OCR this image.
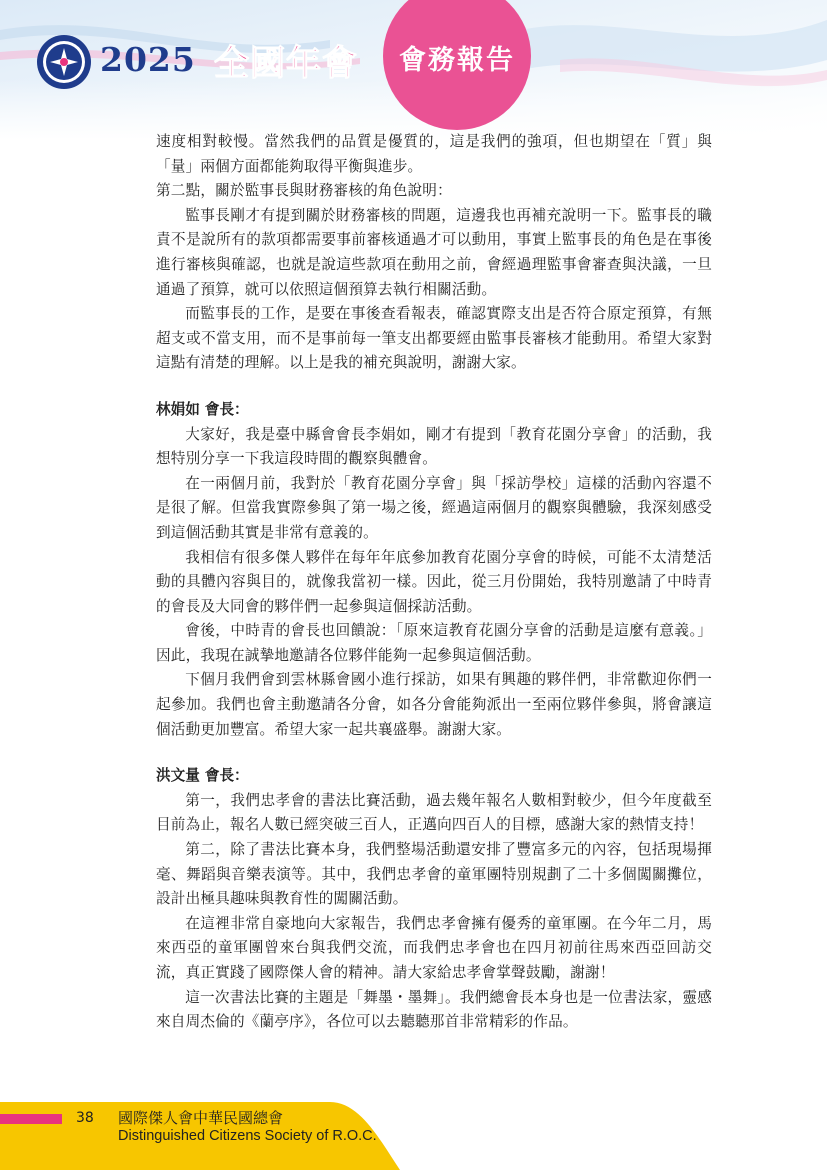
2025 全國年會	會務報告

速度相對較慢。當然我們的品質是優質的，這是我們的強項，但也期望在「質」與「量」兩個方面都能夠取得平衡與進步。

第二點，關於監事長與財務審核的角色說明：

監事長剛才有提到關於財務審核的問題，這邊我也再補充說明一下。監事長的職責不是說所有的款項都需要事前審核通過才可以動用，事實上監事長的角色是在事後進行審核與確認，也就是說這些款項在動用之前，會經過理監事會審查與決議，一旦通過了預算，就可以依照這個預算去執行相關活動。

而監事長的工作，是要在事後查看報表，確認實際支出是否符合原定預算，有無超支或不當支用，而不是事前每一筆支出都要經由監事長審核才能動用。希望大家對這點有清楚的理解。以上是我的補充與說明，謝謝大家。

林娟如 會長：

大家好，我是臺中縣會會長李娟如，剛才有提到「教育花園分享會」的活動，我想特別分享一下我這段時間的觀察與體會。

在一兩個月前，我對於「教育花園分享會」與「採訪學校」這樣的活動內容還不是很了解。但當我實際參與了第一場之後，經過這兩個月的觀察與體驗，我深刻感受到這個活動其實是非常有意義的。

我相信有很多傑人夥伴在每年年底參加教育花園分享會的時候，可能不太清楚活動的具體內容與目的，就像我當初一樣。因此，從三月份開始，我特別邀請了中時青的會長及大同會的夥伴們一起參與這個採訪活動。

會後，中時青的會長也回饋說：「原來這教育花園分享會的活動是這麼有意義。」因此，我現在誠摯地邀請各位夥伴能夠一起參與這個活動。

下個月我們會到雲林縣會國小進行採訪，如果有興趣的夥伴們，非常歡迎你們一起參加。我們也會主動邀請各分會，如各分會能夠派出一至兩位夥伴參與，將會讓這個活動更加豐富。希望大家一起共襄盛舉。謝謝大家。

洪文量 會長：

第一，我們忠孝會的書法比賽活動，過去幾年報名人數相對較少，但今年度截至目前為止，報名人數已經突破三百人，正邁向四百人的目標，感謝大家的熱情支持！

第二，除了書法比賽本身，我們整場活動還安排了豐富多元的內容，包括現場揮毫、舞蹈與音樂表演等。其中，我們忠孝會的童軍團特別規劃了二十多個闖關攤位，設計出極具趣味與教育性的闖關活動。

在這裡非常自豪地向大家報告，我們忠孝會擁有優秀的童軍團。在今年二月，馬來西亞的童軍團曾來台與我們交流，而我們忠孝會也在四月初前往馬來西亞回訪交流，真正實踐了國際傑人會的精神。請大家給忠孝會掌聲鼓勵，謝謝！

這一次書法比賽的主題是「舞墨・墨舞」。我們總會長本身也是一位書法家，靈感來自周杰倫的《蘭亭序》，各位可以去聽聽那首非常精彩的作品。

38 國際傑人會中華民國總會
Distinguished Citizens Society of R.O.C.
